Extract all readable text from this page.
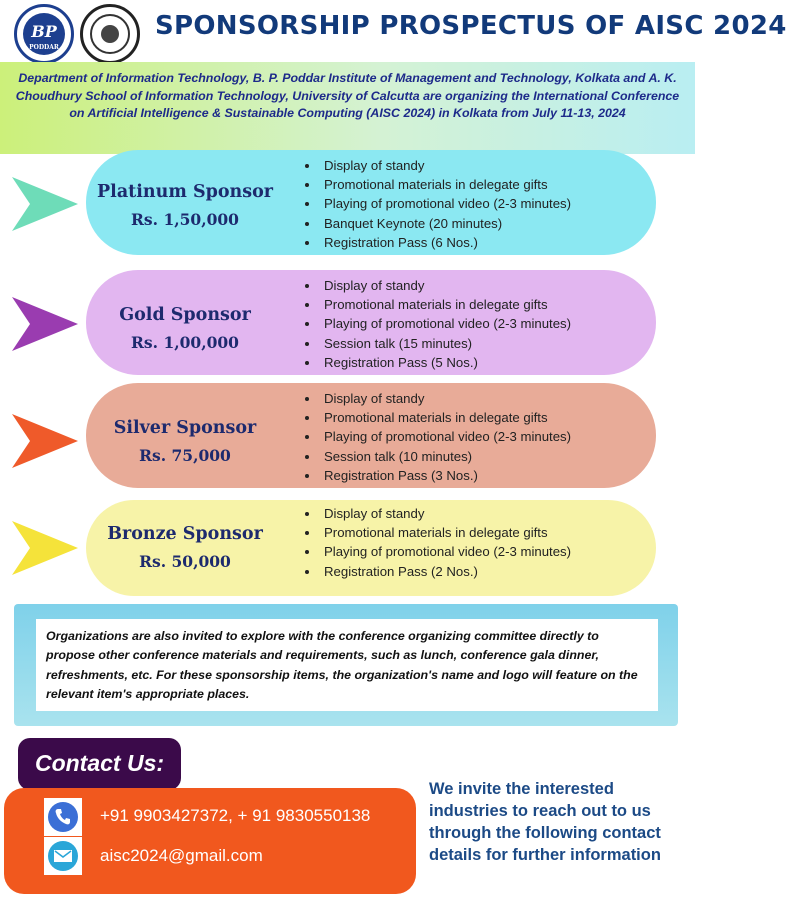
BP
PODDAR
SPONSORSHIP PROSPECTUS OF AISC 2024

Department of Information Technology, B. P. Poddar Institute of Management and Technology, Kolkata and A. K. Choudhury School of Information Technology, University of Calcutta are organizing the International Conference on Artificial Intelligence & Sustainable Computing (AISC 2024) in Kolkata from July 11-13, 2024

Platinum Sponsor
Rs. 1,50,000
• Display of standy
• Promotional materials in delegate gifts
• Playing of promotional video (2-3 minutes)
• Banquet Keynote (20 minutes)
• Registration Pass (6 Nos.)
Gold Sponsor
Rs. 1,00,000
• Display of standy
• Promotional materials in delegate gifts
• Playing of promotional video (2-3 minutes)
• Session talk (15 minutes)
• Registration Pass (5 Nos.)
Silver Sponsor
Rs. 75,000
• Display of standy
• Promotional materials in delegate gifts
• Playing of promotional video (2-3 minutes)
• Session talk (10 minutes)
• Registration Pass (3 Nos.)
Bronze Sponsor
Rs. 50,000
• Display of standy
• Promotional materials in delegate gifts
• Playing of promotional video (2-3 minutes)
• Registration Pass (2 Nos.)

Organizations are also invited to explore with the conference organizing committee directly to propose other conference materials and requirements, such as lunch, conference gala dinner, refreshments, etc. For these sponsorship items, the organization's name and logo will feature on the relevant item's appropriate places.

Contact Us:
+91 9903427372, + 91 9830550138
aisc2024@gmail.com
We invite the interested industries to reach out to us through the following contact details for further information
